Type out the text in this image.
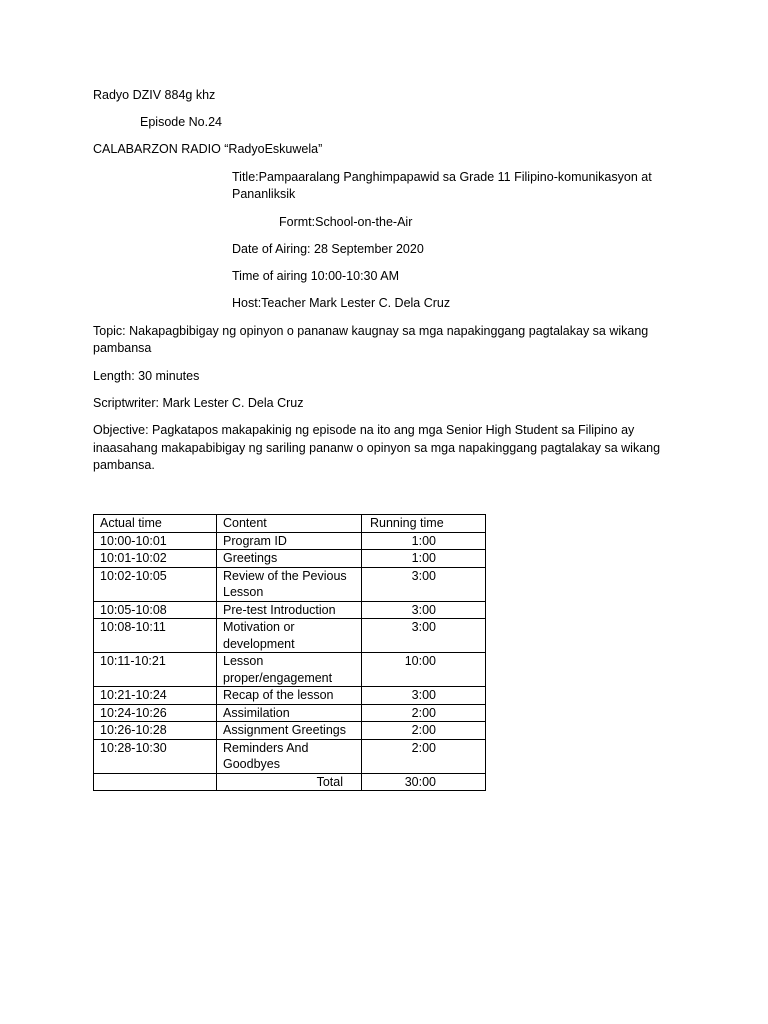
Radyo DZIV 884g khz
Episode No.24
CALABARZON RADIO “RadyoEskuwela”
Title:Pampaaralang Panghimpapawid sa Grade 11 Filipino-komunikasyon at
Pananliksik
Formt:School-on-the-Air
Date of Airing: 28 September 2020
Time of airing 10:00-10:30 AM
Host:Teacher Mark Lester C. Dela Cruz
Topic: Nakapagbibigay ng opinyon o pananaw kaugnay sa mga napakinggang pagtalakay sa wikang
pambansa
Length: 30 minutes
Scriptwriter: Mark Lester C. Dela Cruz
Objective: Pagkatapos makapakinig ng episode na ito ang mga Senior High Student sa Filipino ay
inaasahang makapabibigay ng sariling pananw o opinyon sa mga napakinggang pagtalakay sa wikang
pambansa.
Actual time	Content	Running time
10:00-10:01	Program ID	1:00
10:01-10:02	Greetings	1:00
10:02-10:05	Review of the Pevious Lesson	3:00
10:05-10:08	Pre-test Introduction	3:00
10:08-10:11	Motivation or development	3:00
10:11-10:21	Lesson proper/engagement	10:00
10:21-10:24	Recap of the lesson	3:00
10:24-10:26	Assimilation	2:00
10:26-10:28	Assignment Greetings	2:00
10:28-10:30	Reminders And Goodbyes	2:00
	Total	30:00
